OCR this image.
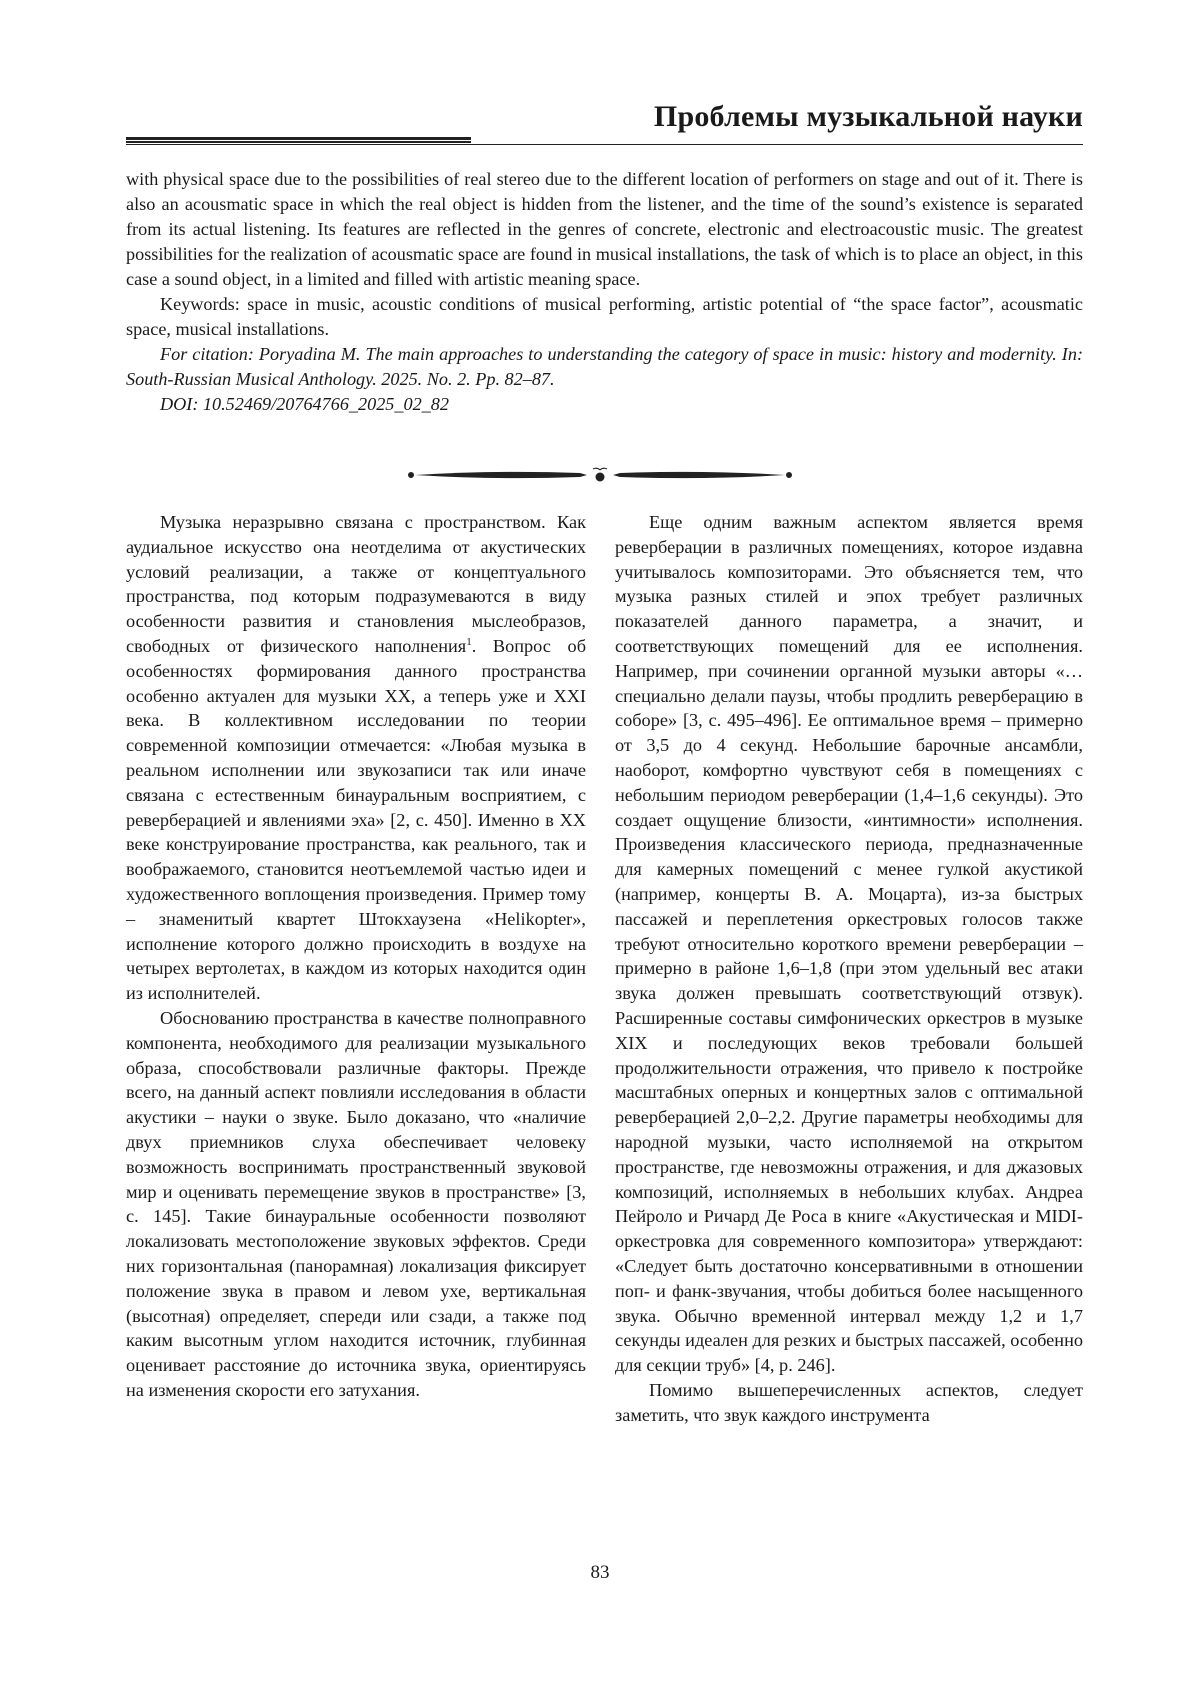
Проблемы музыкальной науки

with physical space due to the possibilities of real stereo due to the different location of performers on stage and out of it. There is also an acousmatic space in which the real object is hidden from the listener, and the time of the sound’s existence is separated from its actual listening. Its features are reflected in the genres of concrete, electronic and electroacoustic music. The greatest possibilities for the realization of acousmatic space are found in musical installations, the task of which is to place an object, in this case a sound object, in a limited and filled with artistic meaning space.

Keywords: space in music, acoustic conditions of musical performing, artistic potential of “the space factor”, acousmatic space, musical installations.

For citation: Poryadina M. The main approaches to understanding the category of space in music: history and modernity. In: South-Russian Musical Anthology. 2025. No. 2. Pp. 82–87.

DOI: 10.52469/20764766_2025_02_82

Музыка неразрывно связана с пространством. Как аудиальное искусство она неотделима от акустических условий реализации, а также от концептуального пространства, под которым подразумеваются в виду особенности развития и становления мыслеобразов, свободных от физического наполнения$^1$. Вопрос об особенностях формирования данного пространства особенно актуален для музыки XX, а теперь уже и XXI века. В коллективном исследовании по теории современной композиции отмечается: «Любая музыка в реальном исполнении или звукозаписи так или иначе связана с естественным бинауральным восприятием, с реверберацией и явлениями эха» [2, с. 450]. Именно в XX веке конструирование пространства, как реального, так и воображаемого, становится неотъемлемой частью идеи и художественного воплощения произведения. Пример тому – знаменитый квартет Штокхаузена «Helikopter», исполнение которого должно происходить в воздухе на четырех вертолетах, в каждом из которых находится один из исполнителей.

Обоснованию пространства в качестве полноправного компонента, необходимого для реализации музыкального образа, способствовали различные факторы. Прежде всего, на данный аспект повлияли исследования в области акустики – науки о звуке. Было доказано, что «наличие двух приемников слуха обеспечивает человеку возможность воспринимать пространственный звуковой мир и оценивать перемещение звуков в пространстве» [3, с. 145]. Такие бинауральные особенности позволяют локализовать местоположение звуковых эффектов. Среди них горизонтальная (панорамная) локализация фиксирует положение звука в правом и левом ухе, вертикальная (высотная) определяет, спереди или сзади, а также под каким высотным углом находится источник, глубинная оценивает расстояние до источника звука, ориентируясь на изменения скорости его затухания.

Еще одним важным аспектом является время реверберации в различных помещениях, которое издавна учитывалось композиторами. Это объясняется тем, что музыка разных стилей и эпох требует различных показателей данного параметра, а значит, и соответствующих помещений для ее исполнения. Например, при сочинении органной музыки авторы «…специально делали паузы, чтобы продлить реверберацию в соборе» [3, с. 495–496]. Ее оптимальное время – примерно от 3,5 до 4 секунд. Небольшие барочные ансамбли, наоборот, комфортно чувствуют себя в помещениях с небольшим периодом реверберации (1,4–1,6 секунды). Это создает ощущение близости, «интимности» исполнения. Произведения классического периода, предназначенные для камерных помещений с менее гулкой акустикой (например, концерты В. А. Моцарта), из-за быстрых пассажей и переплетения оркестровых голосов также требуют относительно короткого времени реверберации – примерно в районе 1,6–1,8 (при этом удельный вес атаки звука должен превышать соответствующий отзвук). Расширенные составы симфонических оркестров в музыке XIX и последующих веков требовали большей продолжительности отражения, что привело к постройке масштабных оперных и концертных залов с оптимальной реверберацией 2,0–2,2. Другие параметры необходимы для народной музыки, часто исполняемой на открытом пространстве, где невозможны отражения, и для джазовых композиций, исполняемых в небольших клубах. Андреа Пейроло и Ричард Де Роса в книге «Акустическая и MIDI-оркестровка для современного композитора» утверждают: «Следует быть достаточно консервативными в отношении поп- и фанк-звучания, чтобы добиться более насыщенного звука. Обычно временной интервал между 1,2 и 1,7 секунды идеален для резких и быстрых пассажей, особенно для секции труб» [4, p. 246].

Помимо вышеперечисленных аспектов, следует заметить, что звук каждого инструмента

83
